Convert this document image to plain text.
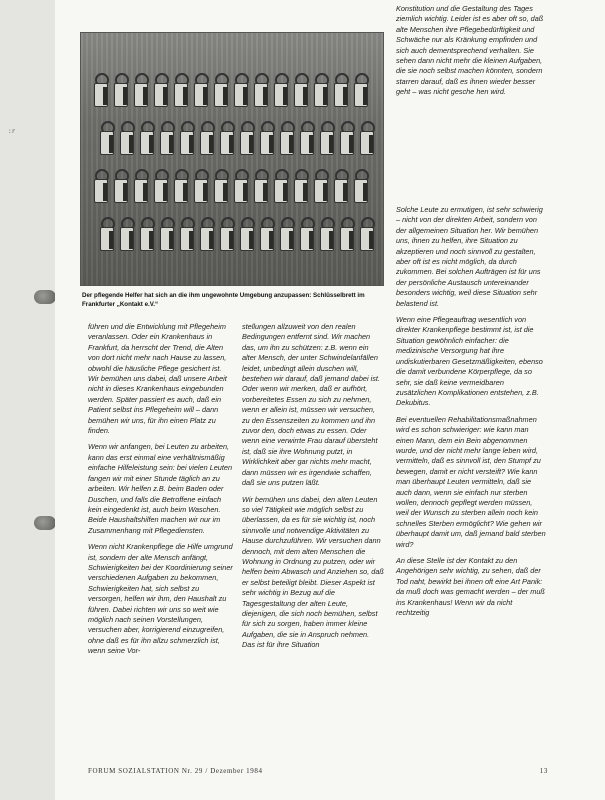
:r
Der pflegende Helfer hat sich an die ihm ungewohnte Umgebung anzupassen: Schlüsselbrett im Frankfurter „Kontakt e.V.“

führen und die Entwicklung mit Pflegeheim veranlassen. Oder ein Krankenhaus in Frankfurt, da herrscht der Trend, die Alten von dort nicht mehr nach Hause zu lassen, obwohl die häusliche Pflege gesichert ist. Wir bemühen uns dabei, daß unsere Arbeit nicht in dieses Krankenhaus eingebunden werden. Später passiert es auch, daß ein Patient selbst ins Pflegeheim will – dann bemühen wir uns, für ihn einen Platz zu finden.

Wenn wir anfangen, bei Leuten zu arbeiten, kann das erst einmal eine verhältnismäßig einfache Hilfeleistung sein: bei vielen Leuten fangen wir mit einer Stunde täglich an zu arbeiten. Wir helfen z.B. beim Baden oder Duschen, und falls die Betroffene einfach kein eingedenkt ist, auch beim Waschen. Beide Haushaltshilfen machen wir nur im Zusammenhang mit Pflegediensten.

Wenn nicht Krankenpflege die Hilfe umgrund ist, sondern der alte Mensch anfängt, Schwierigkeiten bei der Koordinierung seiner verschiedenen Aufgaben zu bekommen, Schwierigkeiten hat, sich selbst zu versorgen, helfen wir ihm, den Haushalt zu führen. Dabei richten wir uns so weit wie möglich nach seinen Vorstellungen, versuchen aber, korrigierend einzugreifen, ohne daß es für ihn allzu schmerzlich ist, wenn seine Vor-

stellungen allzuweit von den realen Bedingungen entfernt sind. Wir machen das, um ihn zu schützen: z.B. wenn ein alter Mensch, der unter Schwindelanfällen leidet, unbedingt allein duschen will, bestehen wir darauf, daß jemand dabei ist. Oder wenn wir merken, daß er aufhört, vorbereitetes Essen zu sich zu nehmen, wenn er allein ist, müssen wir versuchen, zu den Essenszeiten zu kommen und ihn zuvor den, doch etwas zu essen. Oder wenn eine verwirrte Frau darauf übersteht ist, daß sie ihre Wohnung putzt, in Wirklichkeit aber gar nichts mehr macht, dann müssen wir es irgendwie schaffen, daß sie uns putzen läßt.

Wir bemühen uns dabei, den alten Leuten so viel Tätigkeit wie möglich selbst zu überlassen, da es für sie wichtig ist, noch sinnvolle und notwendige Aktivitäten zu Hause durchzuführen. Wir versuchen dann dennoch, mit dem alten Menschen die Wohnung in Ordnung zu putzen, oder wir helfen beim Abwasch und Anziehen so, daß er selbst beteiligt bleibt. Dieser Aspekt ist sehr wichtig in Bezug auf die Tagesgestaltung der alten Leute, diejenigen, die sich noch bemühen, selbst für sich zu sorgen, haben immer kleine Aufgaben, die sie in Anspruch nehmen. Das ist für ihre Situation

Konstitution und die Gestaltung des Tages ziemlich wichtig. Leider ist es aber oft so, daß alte Menschen ihre Pflegebedürftigkeit und Schwäche nur als Kränkung empfinden und sich auch dementsprechend verhalten. Sie sehen dann nicht mehr die kleinen Aufgaben, die sie noch selbst machen könnten, sondern starren darauf, daß es ihnen wieder besser geht – was nicht gesche hen wird.

Solche Leute zu ermutigen, ist sehr schwierig – nicht von der direkten Arbeit, sondern von der allgemeinen Situation her. Wir bemühen uns, ihnen zu helfen, ihre Situation zu akzeptieren und noch sinnvoll zu gestalten, aber oft ist es nicht möglich, da durch zukommen. Bei solchen Aufträgen ist für uns der persönliche Austausch untereinander besonders wichtig, weil diese Situation sehr belastend ist.

Wenn eine Pflegeauftrag wesentlich von direkter Krankenpflege bestimmt ist, ist die Situation gewöhnlich einfacher: die medizinische Versorgung hat ihre undiskutierbaren Gesetzmäßigkeiten, ebenso die damit verbundene Körperpflege, da so sehr, sie daß keine vermeidbaren zusätzlichen Komplikationen entstehen, z.B. Dekubitus.

Bei eventuellen Rehabilitationsmaßnahmen wird es schon schwieriger: wie kann man einen Mann, dem ein Bein abgenommen wurde, und der nicht mehr lange leben wird, vermitteln, daß es sinnvoll ist, den Stumpf zu bewegen, damit er nicht versteift? Wie kann man überhaupt Leuten vermitteln, daß sie auch dann, wenn sie einfach nur sterben wollen, dennoch gepflegt werden müssen, weil der Wunsch zu sterben allein noch kein schnelles Sterben ermöglicht? Wie gehen wir überhaupt damit um, daß jemand bald sterben wird?

An diese Stelle ist der Kontakt zu den Angehörigen sehr wichtig, zu sehen, daß der Tod naht, bewirkt bei ihnen oft eine Art Panik: da muß doch was gemacht werden – der muß ins Krankenhaus! Wenn wir da nicht rechtzeitig

FORUM SOZIALSTATION Nr. 29 / Dezember 1984	13
